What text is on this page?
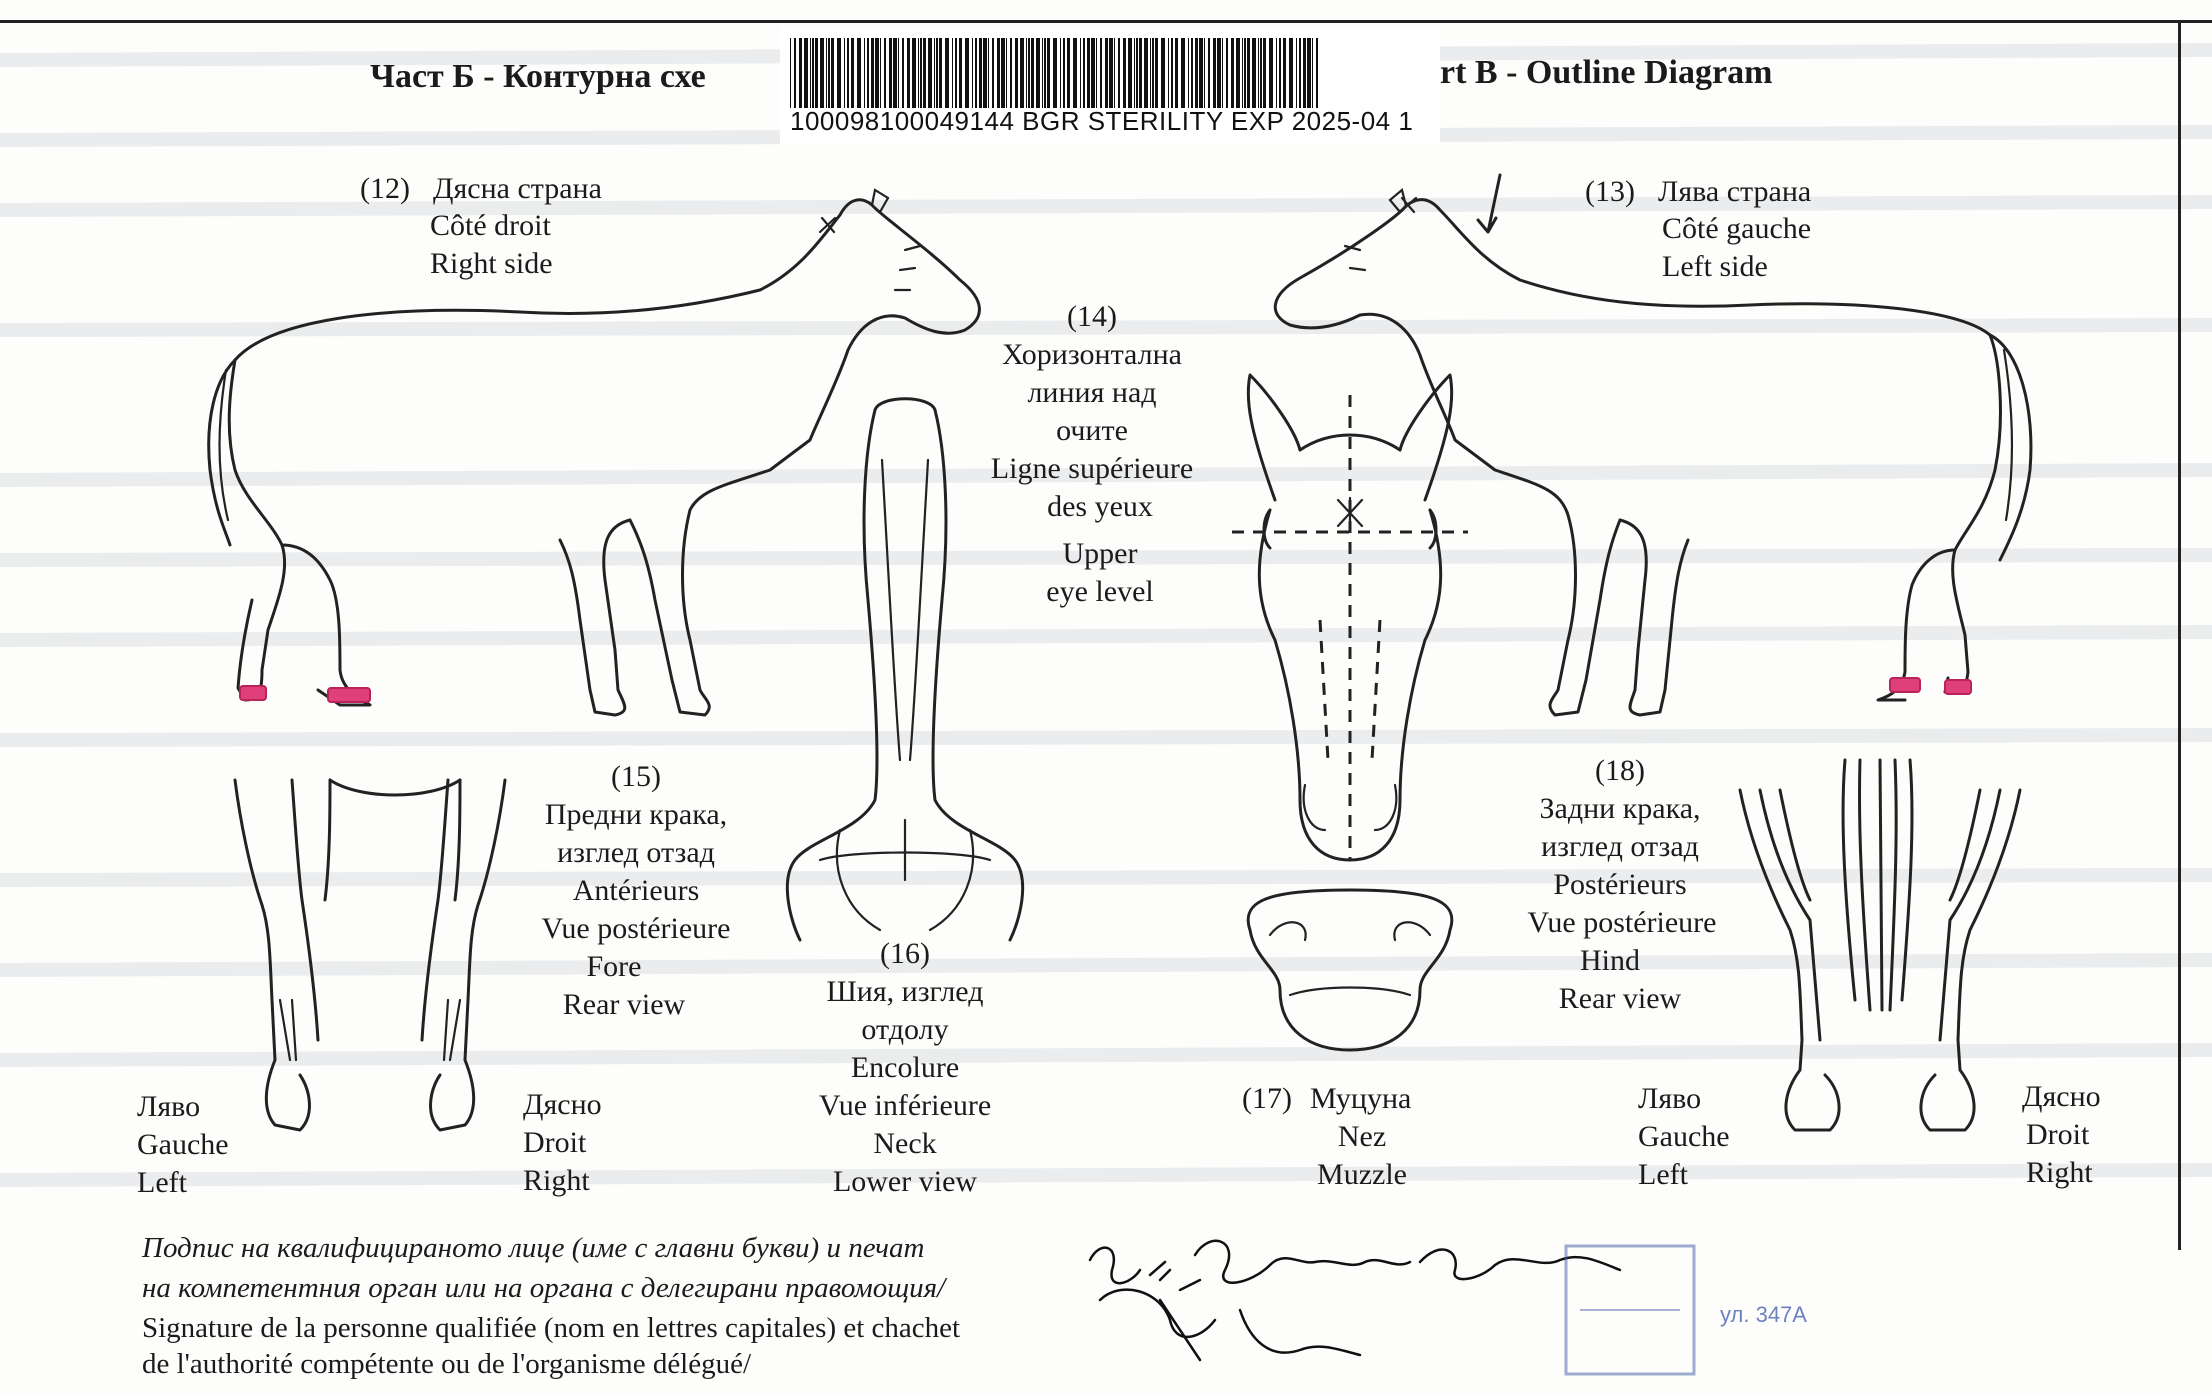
Част Б - Контурна схе	rt B - Outline Diagram
100098100049144 BGR STERILITY EXP 2025-04 1
ул. 347А
(12) Дясна страна
Côté droit
Right side
(13) Лява страна
Côté gauche
Left side
(14)
Хоризонтална
линия над
очите
Ligne supérieure
des yeux
Upper
eye level
(15)
Предни крака,
изглед отзад
Antérieurs
Vue postérieure
Fore
Rear view
(16)
Шия, изглед
отдолу
Encolure
Vue inférieure
Neck
Lower view
(17) Муцуна
Nez
Muzzle
(18)
Задни крака,
изглед отзад
Postérieurs
Vue postérieure
Hind
Rear view
Ляво
Gauche
Left
Дясно
Droit
Right
Ляво
Gauche
Left
Дясно
Droit
Right
Подпис на квалифицираното лице (име с главни букви) и печат
на компетентния орган или на органа с делегирани правомощия/
Signature de la personne qualifiée (nom en lettres capitales) et chachet
de l'authorité compétente ou de l'organisme délégué/
